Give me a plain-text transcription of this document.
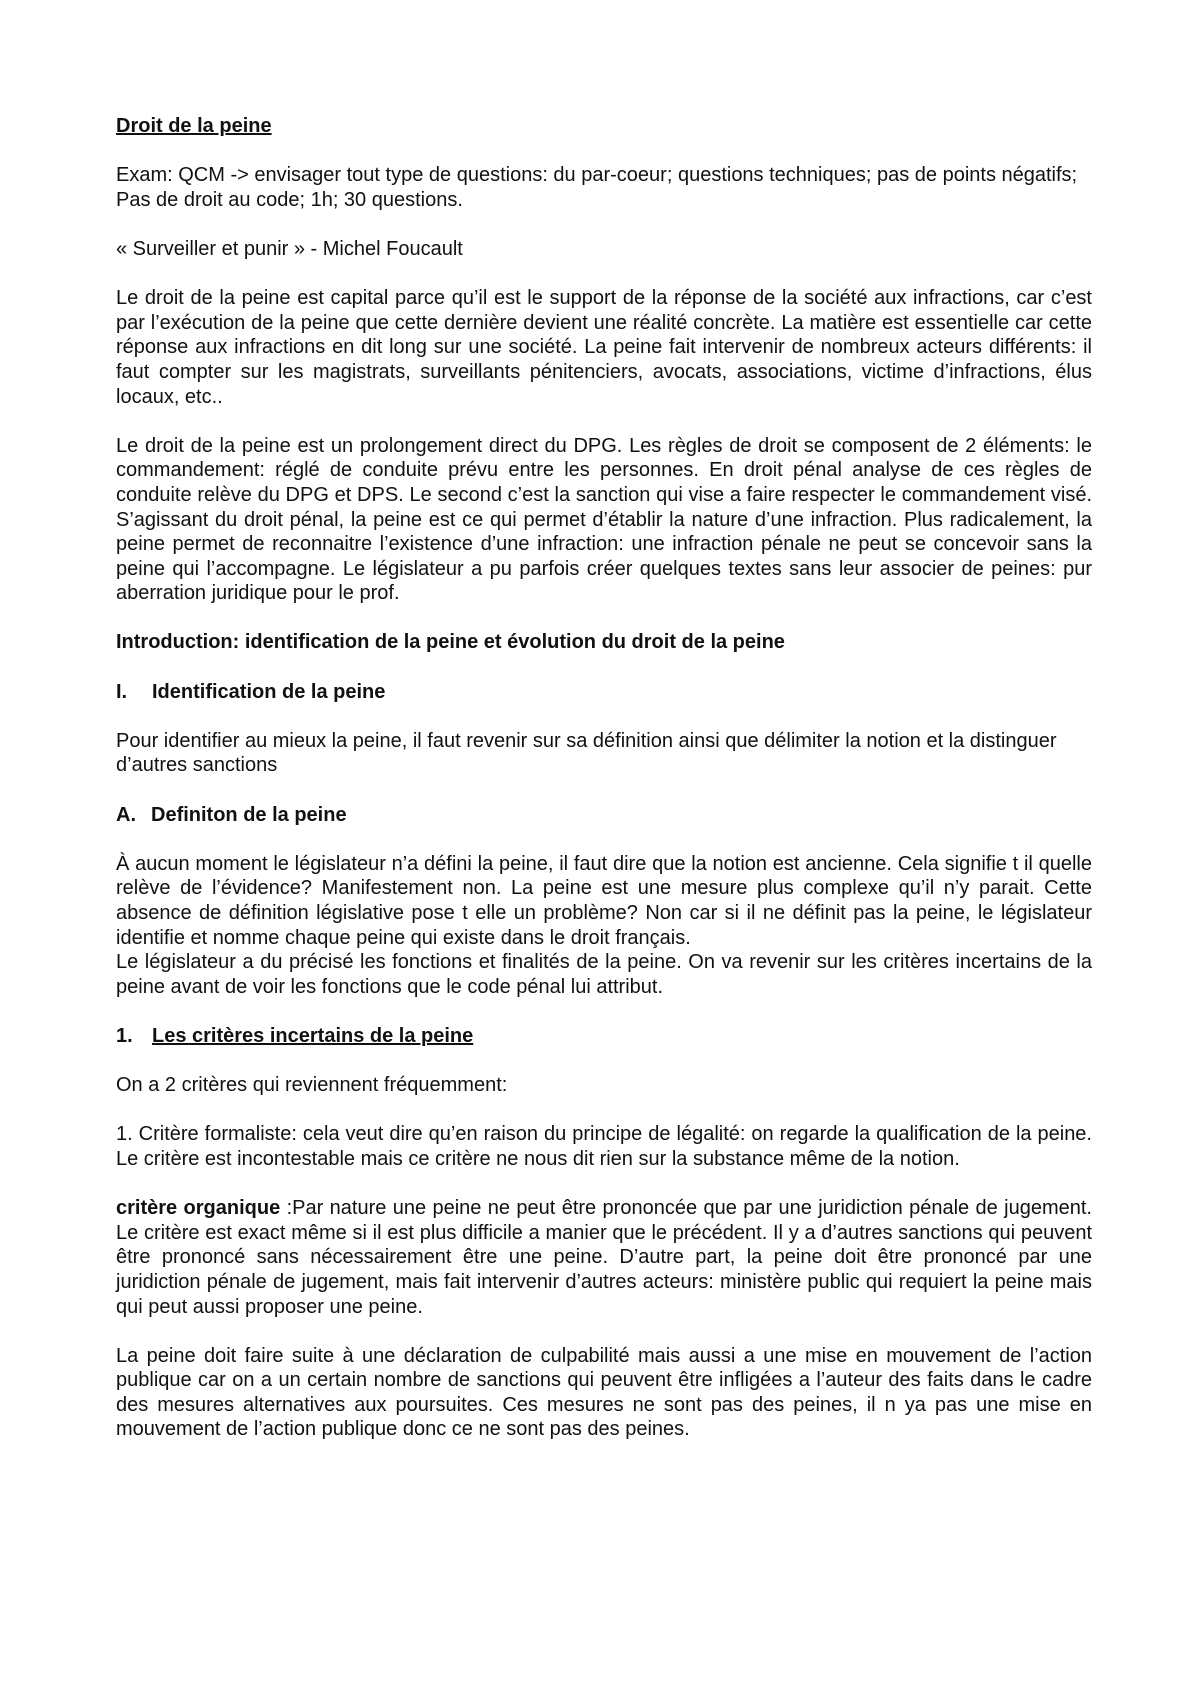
Droit de la peine

Exam: QCM -> envisager tout type de questions: du par-coeur; questions techniques; pas de points négatifs; Pas de droit au code; 1h; 30 questions.

« Surveiller et punir » - Michel Foucault

Le droit de la peine est capital parce qu’il est le support de la réponse de la société aux infractions, car c’est par l’exécution de la peine que cette dernière devient une réalité concrète. La matière est essentielle car cette réponse aux infractions en dit long sur une société. La peine fait intervenir de nombreux acteurs différents: il faut compter sur les magistrats, surveillants pénitenciers, avocats, associations, victime d’infractions, élus locaux, etc..

Le droit de la peine est un prolongement direct du DPG. Les règles de droit se composent de 2 éléments: le commandement: réglé de conduite prévu entre les personnes. En droit pénal analyse de ces règles de conduite relève du DPG et DPS. Le second c’est la sanction qui vise a faire respecter le commandement visé. S’agissant du droit pénal, la peine est ce qui permet d’établir la nature d’une infraction. Plus radicalement, la peine permet de reconnaitre l’existence d’une infraction: une infraction pénale ne peut se concevoir sans la peine qui l’accompagne. Le législateur a pu parfois créer quelques textes sans leur associer de peines: pur aberration juridique pour le prof.

Introduction: identification de la peine et évolution du droit de la peine

I. Identification de la peine

Pour identifier au mieux la peine, il faut revenir sur sa définition ainsi que délimiter la notion et la distinguer d’autres sanctions

A. Definiton de la peine

À aucun moment le législateur n’a défini la peine, il faut dire que la notion est ancienne. Cela signifie t il quelle relève de l’évidence? Manifestement non. La peine est une mesure plus complexe qu’il n’y parait. Cette absence de définition législative pose t elle un problème? Non car si il ne définit pas la peine, le législateur identifie et nomme chaque peine qui existe dans le droit français.

Le législateur a du précisé les fonctions et finalités de la peine. On va revenir sur les critères incertains de la peine avant de voir les fonctions que le code pénal lui attribut.

1. Les critères incertains de la peine

On a 2 critères qui reviennent fréquemment:

1. Critère formaliste: cela veut dire qu’en raison du principe de légalité: on regarde la qualification de la peine. Le critère est incontestable mais ce critère ne nous dit rien sur la substance même de la notion.

critère organique :Par nature une peine ne peut être prononcée que par une juridiction pénale de jugement. Le critère est exact même si il est plus difficile a manier que le précédent. Il y a d’autres sanctions qui peuvent être prononcé sans nécessairement être une peine. D’autre part, la peine doit être prononcé par une juridiction pénale de jugement, mais fait intervenir d’autres acteurs: ministère public qui requiert la peine mais qui peut aussi proposer une peine.

La peine doit faire suite à une déclaration de culpabilité mais aussi a une mise en mouvement de l’action publique car on a un certain nombre de sanctions qui peuvent être infligées a l’auteur des faits dans le cadre des mesures alternatives aux poursuites. Ces mesures ne sont pas des peines, il n ya pas une mise en mouvement de l’action publique donc ce ne sont pas des peines.
